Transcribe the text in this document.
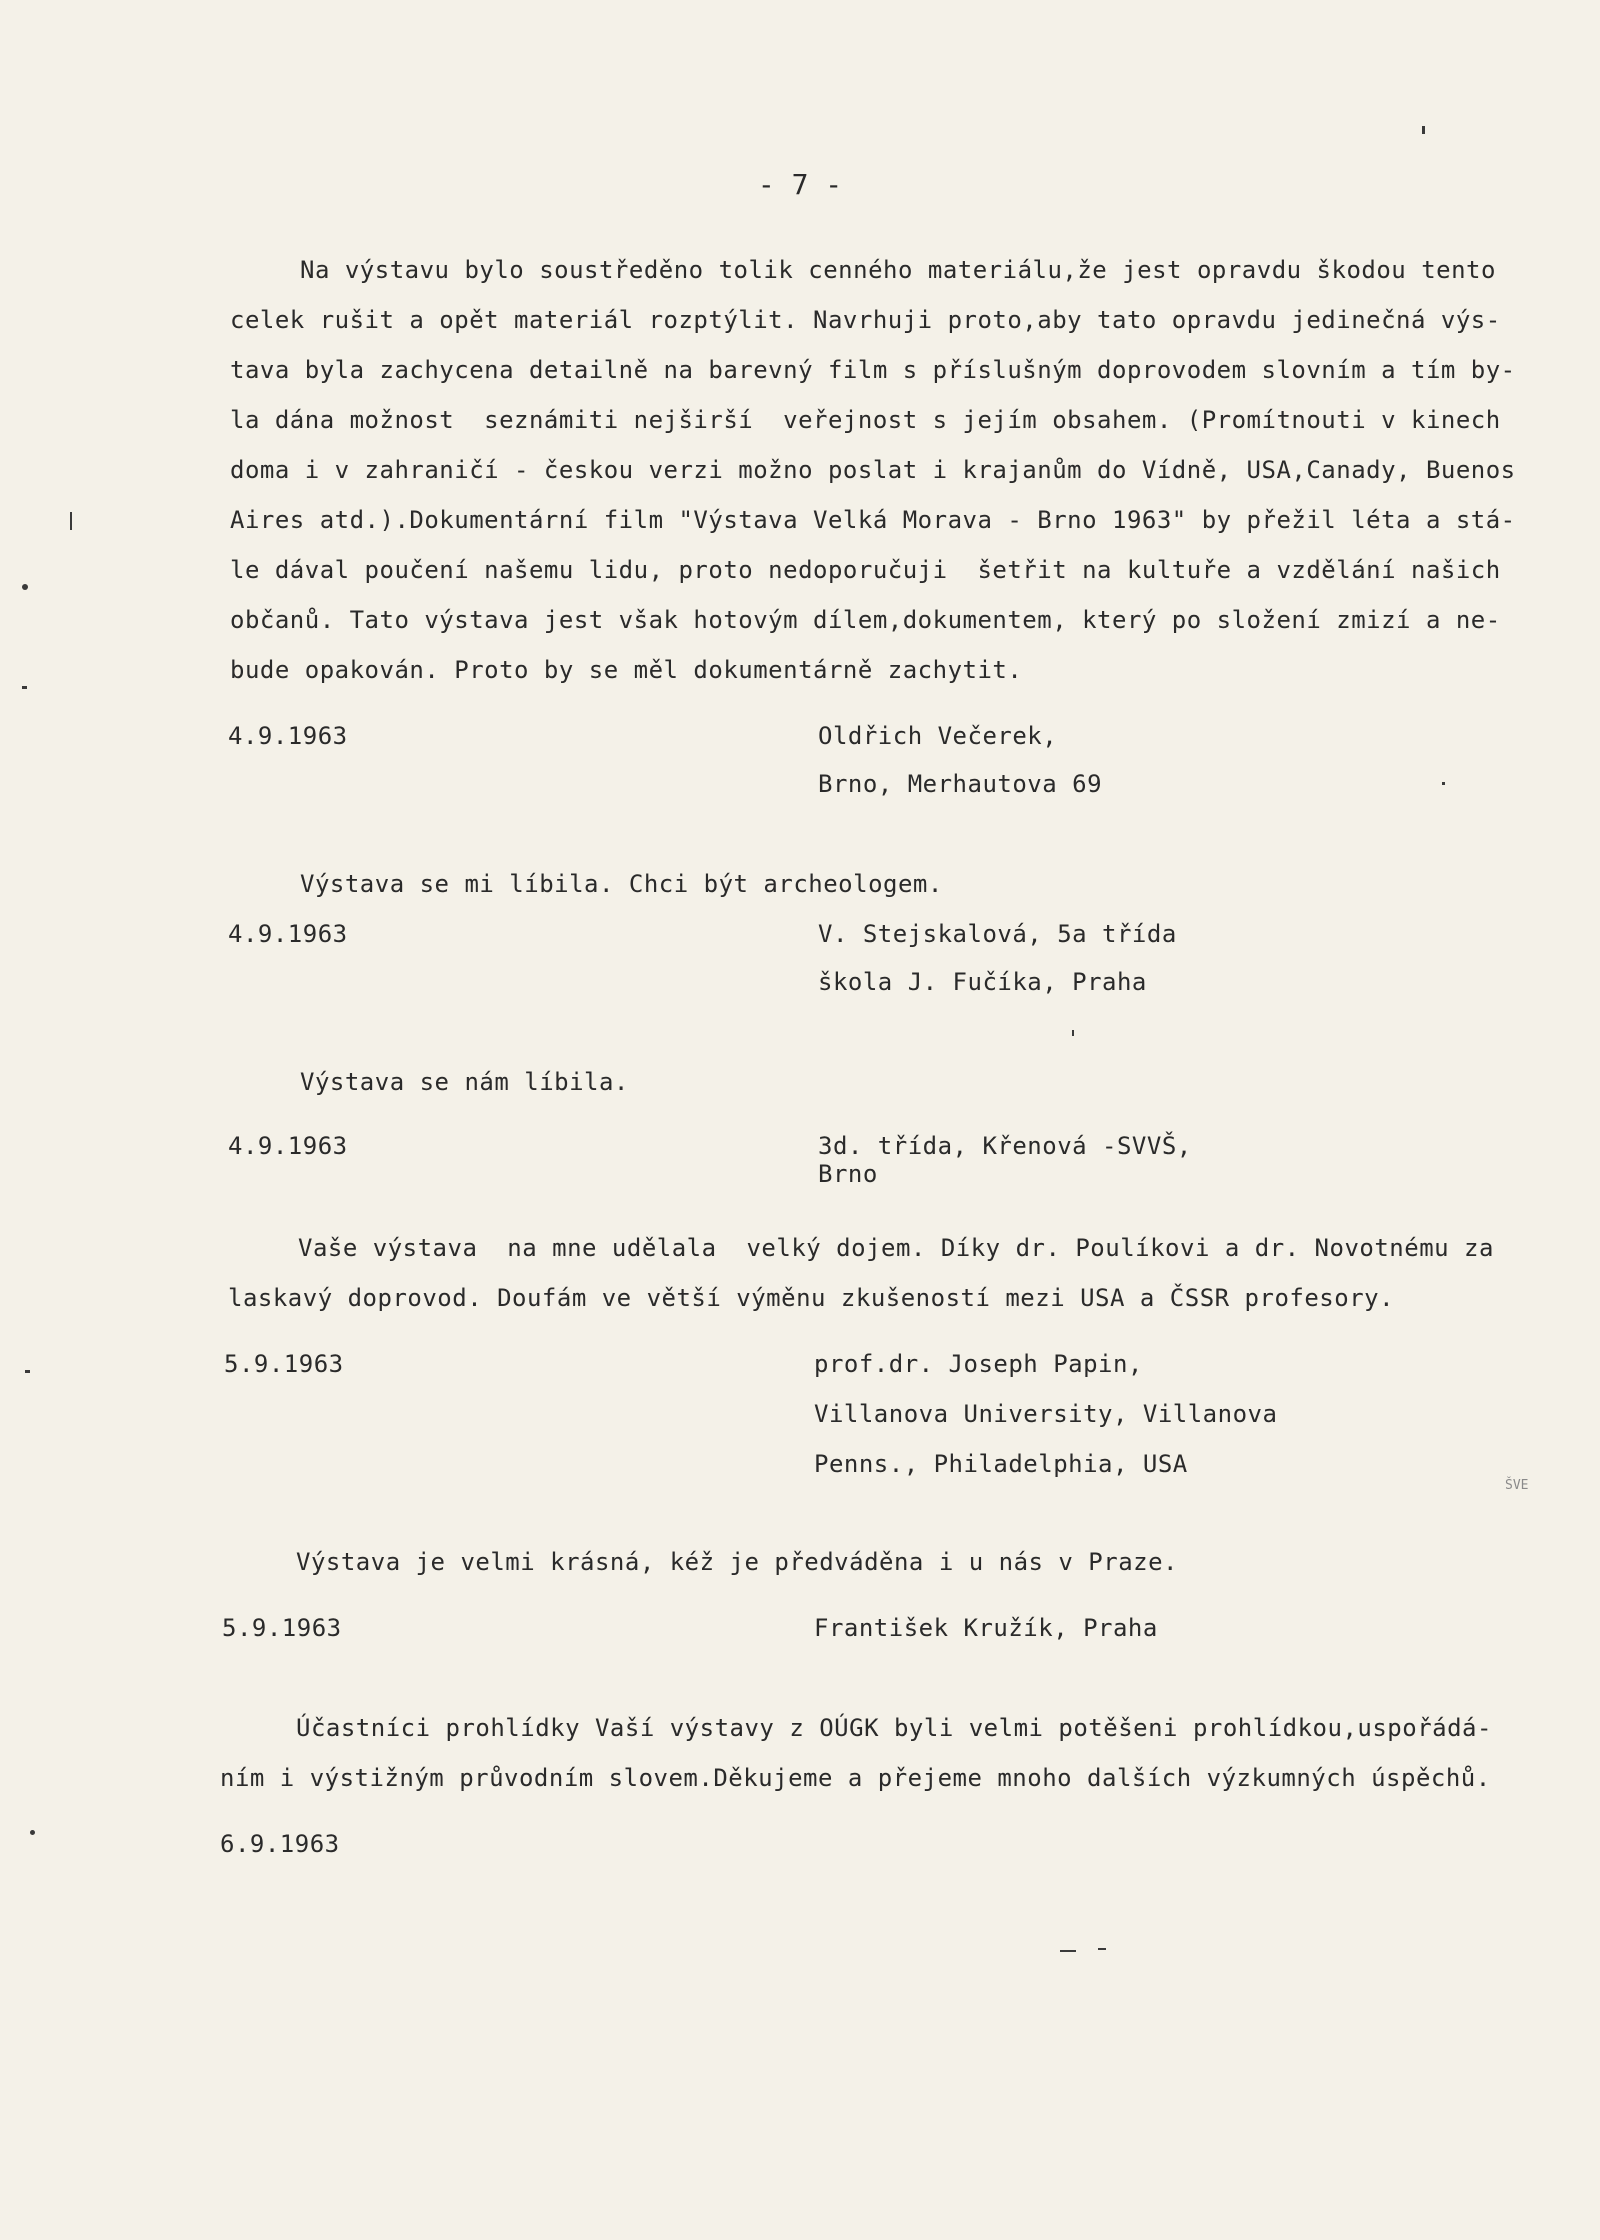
- 7 -
Na výstavu bylo soustředěno tolik cenného materiálu,že jest opravdu škodou tento
celek rušit a opět materiál rozptýlit. Navrhuji proto,aby tato opravdu jedinečná výs-
tava byla zachycena detailně na barevný film s příslušným doprovodem slovním a tím by-
la dána možnost  seznámiti nejširší  veřejnost s jejím obsahem. (Promítnouti v kinech
doma i v zahraničí - českou verzi možno poslat i krajanům do Vídně, USA,Canady, Buenos
Aires atd.).Dokumentární film "Výstava Velká Morava - Brno 1963" by přežil léta a stá-
le dával poučení našemu lidu, proto nedoporučuji  šetřit na kultuře a vzdělání našich
občanů. Tato výstava jest však hotovým dílem,dokumentem, který po složení zmizí a ne-
bude opakován. Proto by se měl dokumentárně zachytit.
4.9.1963	Oldřich Večerek,
Brno, Merhautova 69
Výstava se mi líbila. Chci být archeologem.
4.9.1963	V. Stejskalová, 5a třída
škola J. Fučíka, Praha
Výstava se nám líbila.
4.9.1963	3d. třída, Křenová -SVVŠ,
Brno
Vaše výstava  na mne udělala  velký dojem. Díky dr. Poulíkovi a dr. Novotnému za
laskavý doprovod. Doufám ve větší výměnu zkušeností mezi USA a ČSSR profesory.
5.9.1963	prof.dr. Joseph Papin,
Villanova University, Villanova
Penns., Philadelphia, USA
Výstava je velmi krásná, kéž je předváděna i u nás v Praze.
5.9.1963	František Kružík, Praha
Účastníci prohlídky Vaší výstavy z OÚGK byli velmi potěšeni prohlídkou,uspořádá-
ním i výstižným průvodním slovem.Děkujeme a přejeme mnoho dalších výzkumných úspěchů.
6.9.1963
ŠVE
